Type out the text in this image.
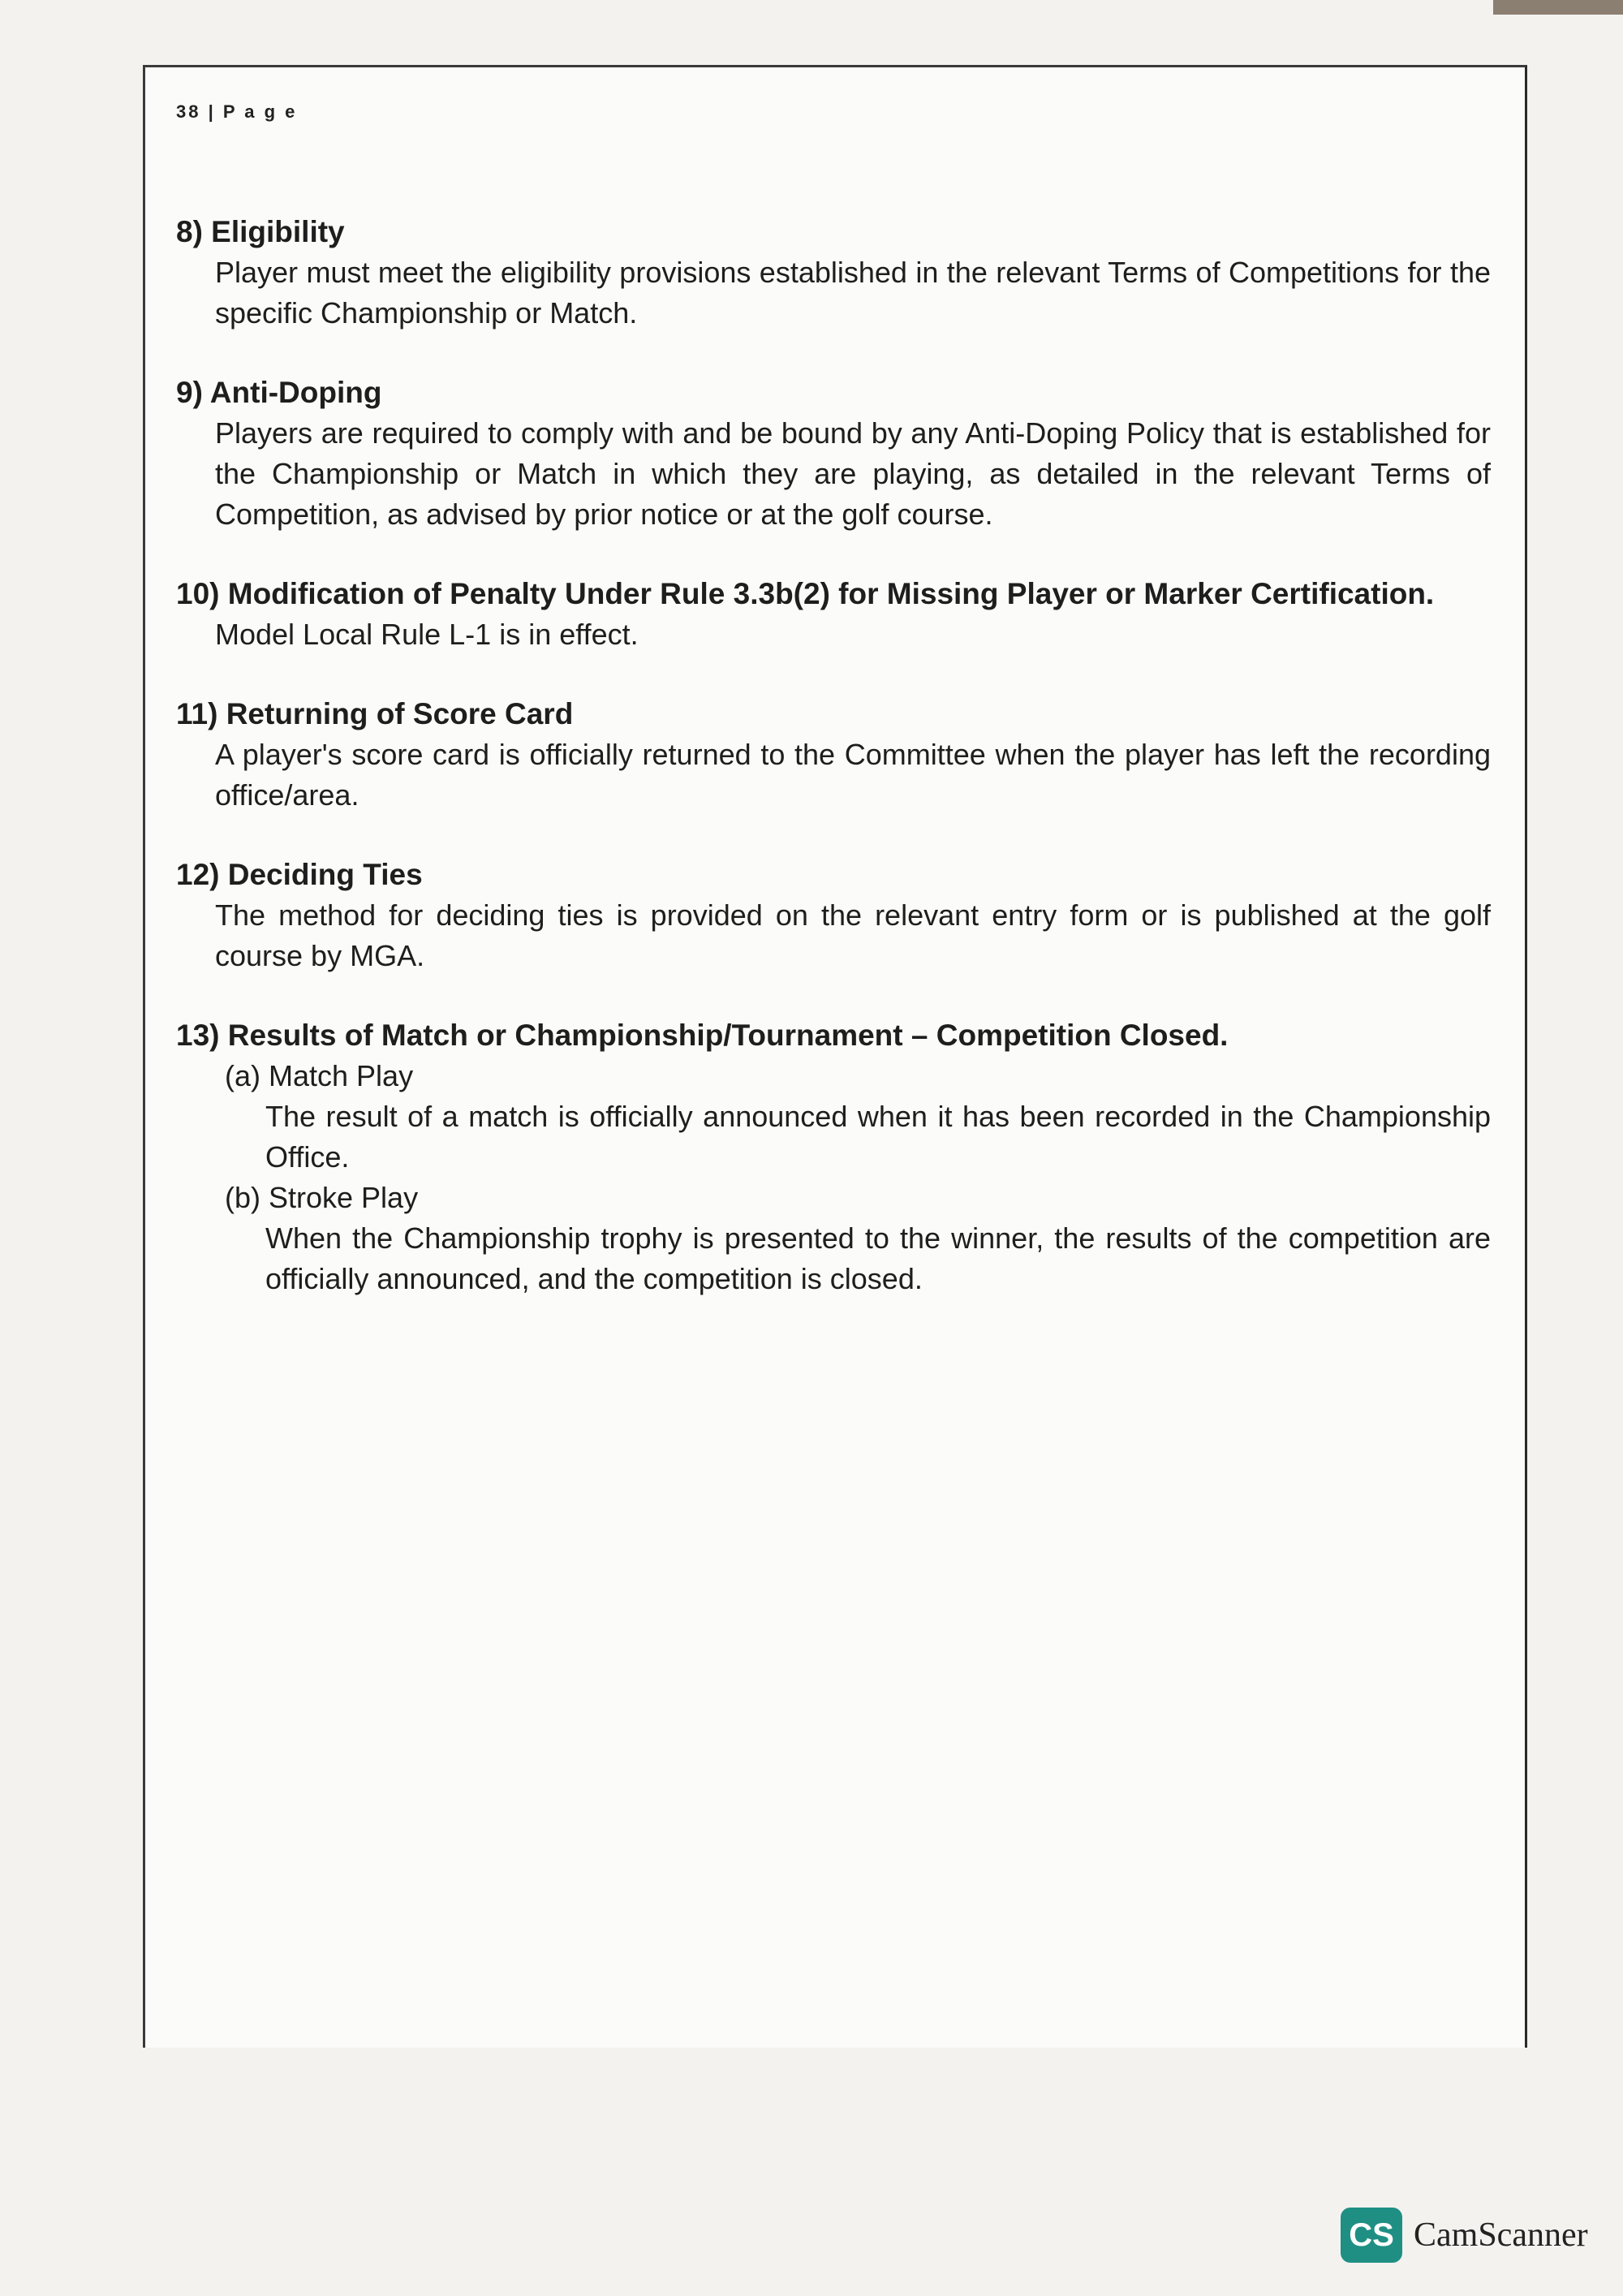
38 | P a g e
8) Eligibility
Player must meet the eligibility provisions established in the relevant Terms of Competitions for the specific Championship or Match.
9) Anti-Doping
Players are required to comply with and be bound by any Anti-Doping Policy that is established for the Championship or Match in which they are playing, as detailed in the relevant Terms of Competition, as advised by prior notice or at the golf course.
10) Modification of Penalty Under Rule 3.3b(2) for Missing Player or Marker Certification.
Model Local Rule L-1 is in effect.
11) Returning of Score Card
A player's score card is officially returned to the Committee when the player has left the recording office/area.
12) Deciding Ties
The method for deciding ties is provided on the relevant entry form or is published at the golf course by MGA.
13) Results of Match or Championship/Tournament – Competition Closed.
(a) Match Play
The result of a match is officially announced when it has been recorded in the Championship Office.
(b) Stroke Play
When the Championship trophy is presented to the winner, the results of the competition are officially announced, and the competition is closed.
CS CamScanner
